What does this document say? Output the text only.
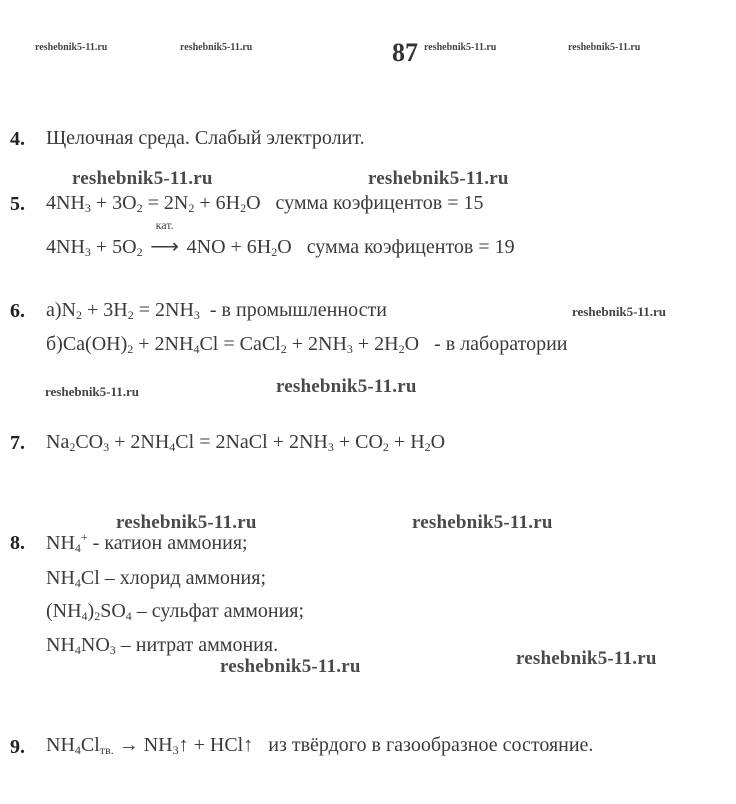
reshebnik5-11.ru	reshebnik5-11.ru	87 reshebnik5-11.ru	reshebnik5-11.ru
4. Щелочная среда. Слабый электролит.
reshebnik5-11.ru	reshebnik5-11.ru
5. $4NH_3 + 3O_2 = 2N_2 + 6H_2O$   сумма коэфицентов = 15
$4NH_3 + 5O_2$
кат.
⟶ $4NO + 6H_2O$   сумма коэфицентов = 19
6. $а)N_2 + 3H_2 = 2NH_3 - в$ промышленности	reshebnik5-11.ru
$б)Ca(OH)_2 + 2NH_4Cl$ = CaCl$_2$ + $2NH_3 + 2H_2O - в$ лаборатории
reshebnik5-11.ru	reshebnik5-11.ru
7. $Na_2CO_3 + 2NH_4Cl$ = 2NaCl + $2NH_3 + CO_2 + H_2O$
reshebnik5-11.ru	reshebnik5-11.ru
8. $NH_4^+$ - катион аммония;
$NH_4Cl$ – хлорид аммония;
$(NH_4)_2SO_4$ – сульфат аммония;
$NH_4NO_3$ – нитрат аммония.
reshebnik5-11.ru	reshebnik5-11.ru
9. $NH_4Cl_{тв.}$ → $NH_3↑$ + HCl↑   из твёрдого в газообразное состояние.
